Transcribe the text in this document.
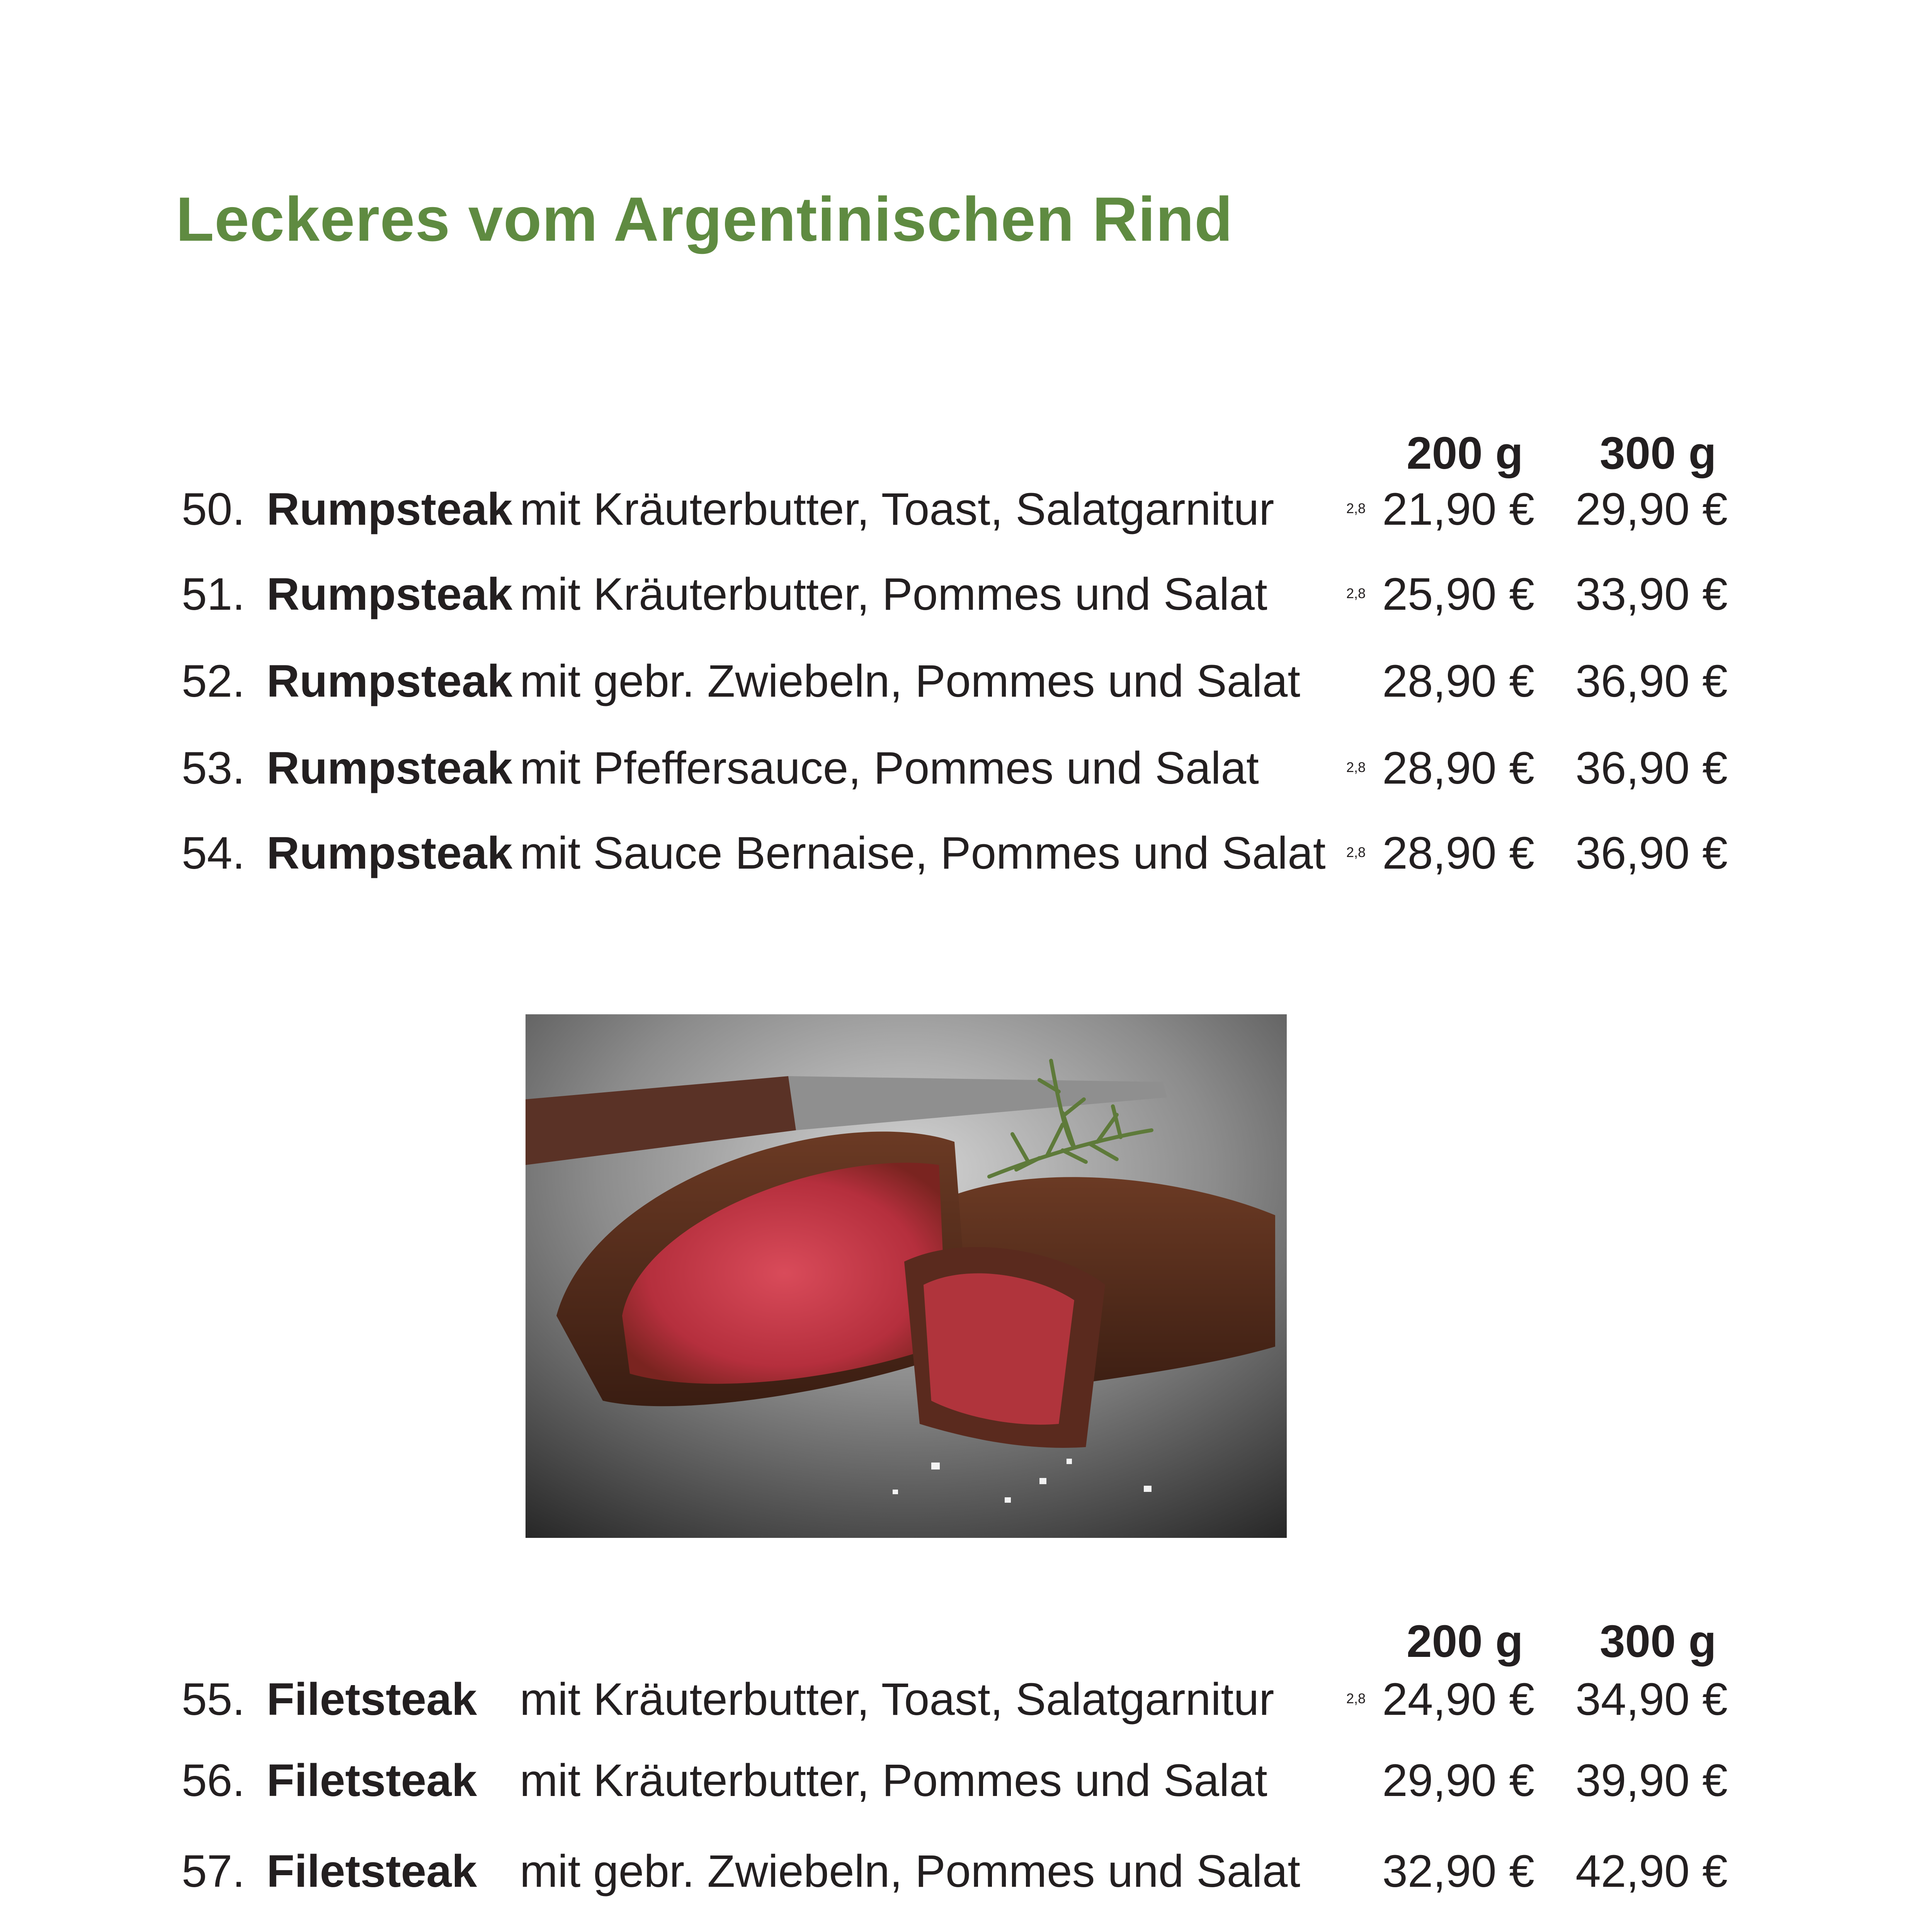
Leckeres vom Argentinischen Rind
200 g 300 g
50. Rumpsteak mit Kräuterbutter, Toast, Salatgarnitur	2,8 21,90 € 29,90 €
51. Rumpsteak mit Kräuterbutter, Pommes und Salat	2,8 25,90 € 33,90 €
52. Rumpsteak mit gebr. Zwiebeln, Pommes und Salat 28,90 € 36,90 €
53. Rumpsteak mit Pfeffersauce, Pommes und Salat	2,8 28,90 € 36,90 €
54. Rumpsteak mit Sauce Bernaise, Pommes und Salat 2,8 28,90 € 36,90 €
200 g 300 g
55. Filetsteak mit Kräuterbutter, Toast, Salatgarnitur	2,8 24,90 € 34,90 €
56. Filetsteak mit Kräuterbutter, Pommes und Salat	29,90 € 39,90 €
57. Filetsteak mit gebr. Zwiebeln, Pommes und Salat 32,90 € 42,90 €
